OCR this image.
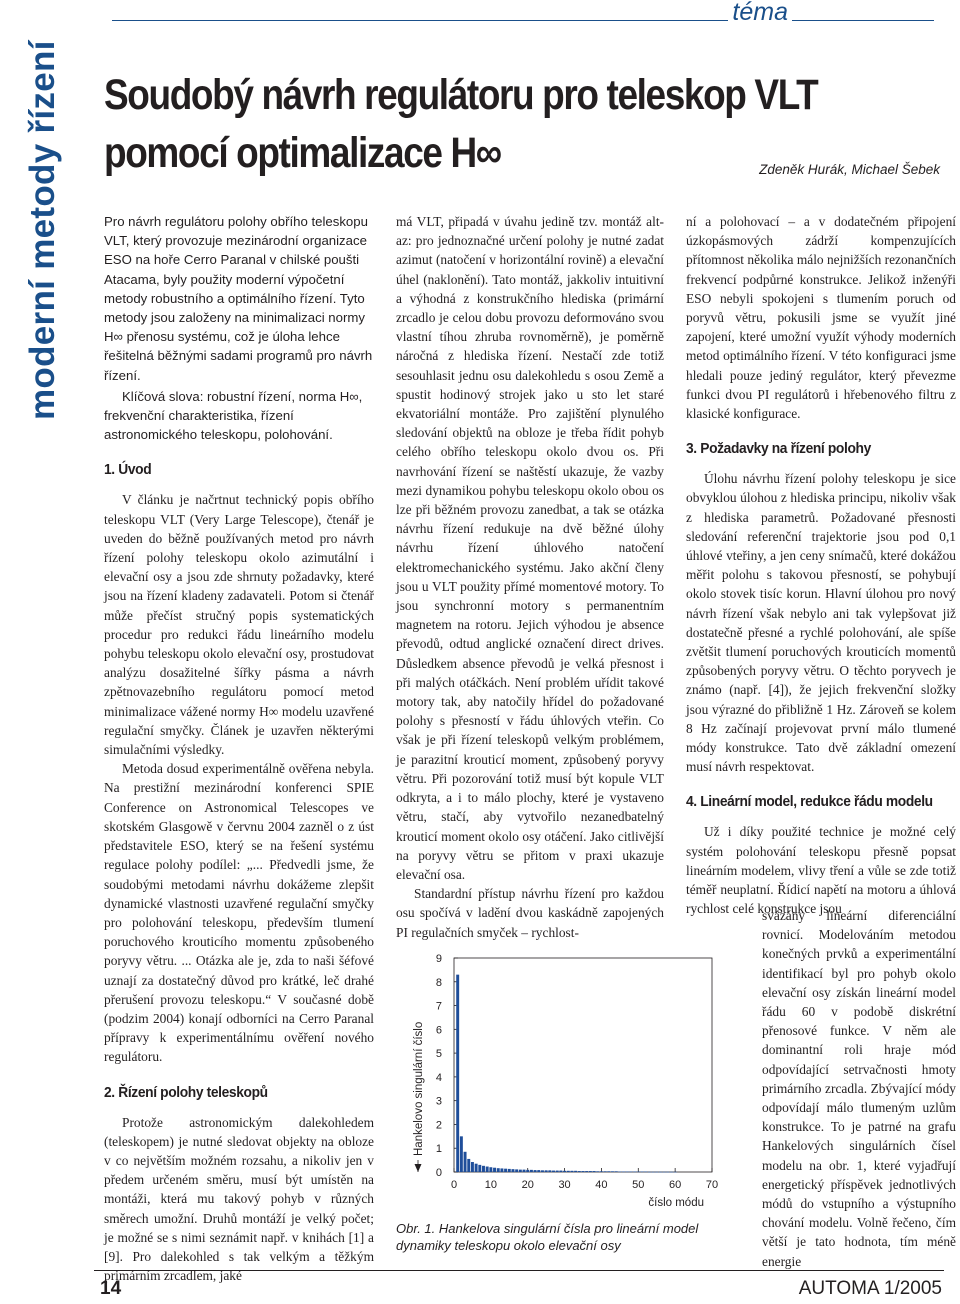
téma
moderní metody řízení Soudobý návrh regulátoru pro teleskop VLT
pomocí optimalizace H∞	Zdeněk Hurák, Michael Šebek

Pro návrh regulátoru polohy obřího teleskopu VLT, který provozuje mezinárodní organizace ESO na hoře Cerro Paranal v chilské poušti Atacama, byly použity moderní výpočetní metody robustního a optimálního řízení. Tyto metody jsou založeny na minimalizaci normy H∞ přenosu systému, což je úloha lehce řešitelná běžnými sadami programů pro návrh řízení.

Klíčová slova: robustní řízení, norma H∞, frekvenční charakteristika, řízení astronomického teleskopu, polohování.

1. Úvod

V článku je načrtnut technický popis obřího teleskopu VLT (Very Large Telescope), čtenář je uveden do běžně používaných metod pro návrh řízení polohy teleskopu okolo azimutální i elevační osy a jsou zde shrnuty požadavky, které jsou na řízení kladeny zadavateli. Potom si čtenář může přečíst stručný popis systematických procedur pro redukci řádu lineárního modelu pohybu teleskopu okolo elevační osy, prostudovat analýzu dosažitelné šířky pásma a návrh zpětnovazebního regulátoru pomocí metod minimalizace vážené normy H∞ modelu uzavřené regulační smyčky. Článek je uzavřen některými simulačními výsledky.

Metoda dosud experimentálně ověřena nebyla. Na prestižní mezinárodní konferenci SPIE Conference on Astronomical Telescopes ve skotském Glasgowě v červnu 2004 zazněl o z úst představitele ESO, který se na řešení systému regulace polohy podílel: „... Předvedli jsme, že soudobými metodami návrhu dokážeme zlepšit dynamické vlastnosti uzavřené regulační smyčky pro polohování teleskopu, především tlumení poruchového krouticího momentu způsobeného poryvy větru. ... Otázka ale je, zda to naši šéfové uznají za dostatečný důvod pro krátké, leč drahé přerušení provozu teleskopu.“ V současné době (podzim 2004) konají odborníci na Cerro Paranal přípravy k experimentálnímu ověření nového regulátoru.

2. Řízení polohy teleskopů

Protože astronomickým dalekohledem (teleskopem) je nutné sledovat objekty na obloze v co největším možném rozsahu, a nikoliv jen v předem určeném směru, musí být umístěn na montáži, která mu takový pohyb v různých směrech umožní. Druhů montáží je velký počet; je možné se s nimi seznámit např. v knihách [1] a [9]. Pro dalekohled s tak velkým a těžkým primárním zrcadlem, jaké

má VLT, připadá v úvahu jedině tzv. montáž alt-az: pro jednoznačné určení polohy je nutné zadat azimut (natočení v horizontální rovině) a elevační úhel (naklonění). Tato montáž, jakkoliv intuitivní a výhodná z konstrukčního hlediska (primární zrcadlo je celou dobu provozu deformováno svou vlastní tíhou zhruba rovnoměrně), je poměrně náročná z hlediska řízení. Nestačí zde totiž sesouhlasit jednu osu dalekohledu s osou Země a spustit hodinový strojek jako u sto let staré ekvatoriální montáže. Pro zajištění plynulého sledování objektů na obloze je třeba řídit pohyb celého obřího teleskopu okolo dvou os. Při navrhování řízení se naštěstí ukazuje, že vazby mezi dynamikou pohybu teleskopu okolo obou os lze při běžném provozu zanedbat, a tak se otázka návrhu řízení redukuje na dvě běžné úlohy návrhu řízení úhlového natočení elektromechanického systému. Jako akční členy jsou u VLT použity přímé momentové motory. To jsou synchronní motory s permanentním magnetem na rotoru. Jejich výhodou je absence převodů, odtud anglické označení direct drives. Důsledkem absence převodů je velká přesnost i při malých otáčkách. Není problém uřídit takové motory tak, aby natočily hřídel do požadované polohy s přesností v řádu úhlových vteřin. Co však je při řízení teleskopů velkým problémem, je parazitní krouticí moment, způsobený poryvy větru. Při pozorování totiž musí být kopule VLT odkryta, a i to málo plochy, které je vystaveno větru, stačí, aby vytvořilo nezanedbatelný krouticí moment okolo osy otáčení. Jako citlivější na poryvy větru se přitom v praxi ukazuje elevační osa.

Standardní přístup návrhu řízení pro každou osu spočívá v ladění dvou kaskádně zapojených PI regulačních smyček – rychlost-

0
1
2
3
4
5
6
7
8
9
0	10 20 30 40 50 60 70
číslo módu
Hankelovo singulární číslo
Obr. 1. Hankelova singulární čísla pro lineární model dynamiky teleskopu okolo elevační osy

ní a polohovací – a v dodatečném připojení úzkopásmových zádrží kompenzujících přítomnost několika málo nejnižších rezonančních frekvencí podpůrné konstrukce. Jelikož inženýři ESO nebyli spokojeni s tlumením poruch od poryvů větru, pokusili jsme se využít jiné zapojení, které umožní využít výhody moderních metod optimálního řízení. V této konfiguraci jsme hledali pouze jediný regulátor, který převezme funkci dvou PI regulátorů i hřebenového filtru z klasické konfigurace.

3. Požadavky na řízení polohy

Úlohu návrhu řízení polohy teleskopu je sice obvyklou úlohou z hlediska principu, nikoliv však z hlediska parametrů. Požadované přesnosti sledování referenční trajektorie jsou pod 0,1 úhlové vteřiny, a jen ceny snímačů, které dokážou měřit polohu s takovou přesností, se pohybují okolo stovek tisíc korun. Hlavní úlohou pro nový návrh řízení však nebylo ani tak vylepšovat již dostatečně přesné a rychlé polohování, ale spíše zvětšit tlumení poruchových krouticích momentů způsobených poryvy větru. O těchto poryvech je známo (např. [4]), že jejich frekvenční složky jsou výrazné do přibližně 1 Hz. Zároveň se kolem 8 Hz začínají projevovat první málo tlumené módy konstrukce. Tato dvě základní omezení musí návrh respektovat.

4. Lineární model, redukce řádu modelu

Už i díky použité technice je možné celý systém polohování teleskopu přesně popsat lineárním modelem, vlivy tření a vůle se zde totiž téměř neuplatní. Řídicí napětí na motoru a úhlová rychlost celé konstrukce jsou

svázány lineární diferenciální rovnicí. Modelováním metodou konečných prvků a experimentální identifikací byl pro pohyb okolo elevační osy získán lineární model řádu 60 v podobě diskrétní přenosové funkce. V něm ale dominantní roli hraje mód odpovídající setrvačnosti hmoty primárního zrcadla. Zbývající módy odpovídají málo tlumeným uzlům konstrukce. To je patrné na grafu Hankelových singulárních čísel modelu na obr. 1, které vyjadřují energetický příspěvek jednotlivých módů do vstupního a výstupního chování modelu. Volně řečeno, čím větší je tato hodnota, tím méně energie

14	AUTOMA 1/2005
